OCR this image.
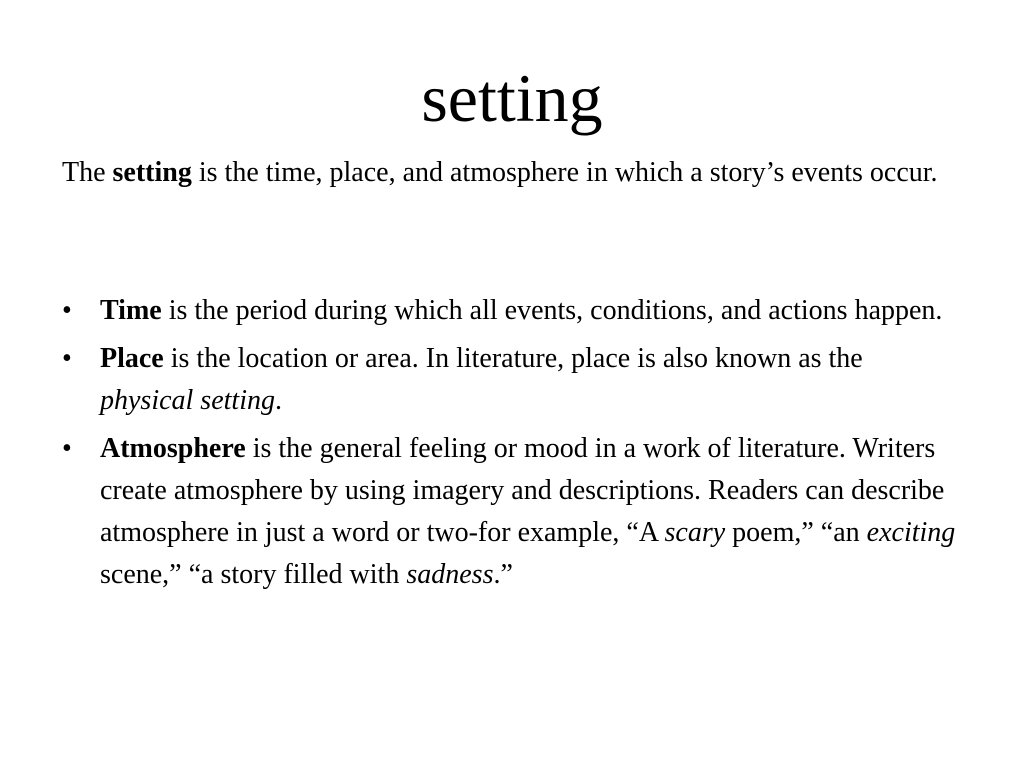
setting

The setting is the time, place, and atmosphere in which a story’s events occur.

•	Time is the period during which all events, conditions, and actions happen.
•	Place is the location or area. In literature, place is also known as the physical setting.
•	Atmosphere is the general feeling or mood in a work of literature. Writers create atmosphere by using imagery and descriptions. Readers can describe atmosphere in just a word or two-for example, “A scary poem,” “an exciting scene,” “a story filled with sadness.”
